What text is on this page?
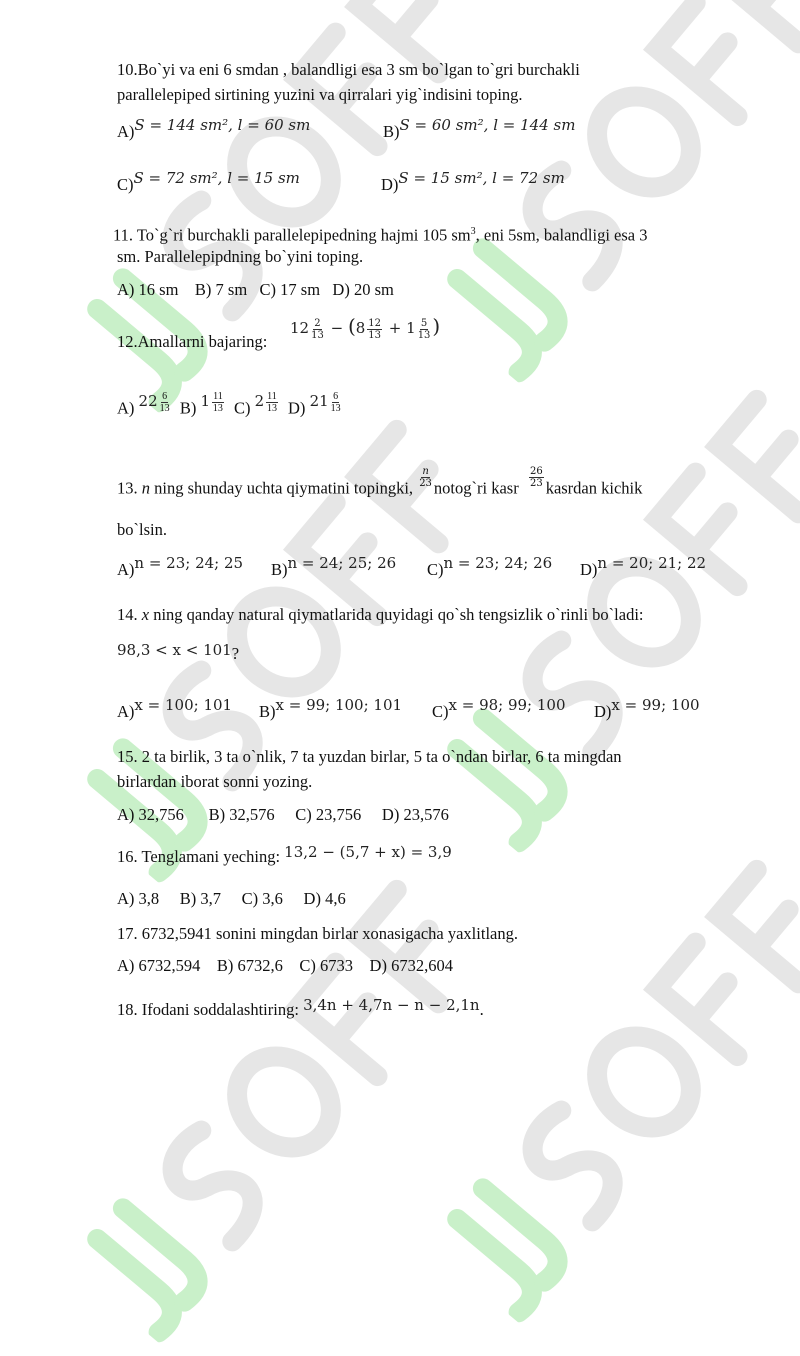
10.Bo`yi va eni 6 smdan , balandligi esa 3 sm bo`lgan to`gri burchakli
parallelepiped sirtining yuzini va qirralari yig`indisini toping.
A)S = 144 sm², l = 60 sm	B)S = 60 sm², l = 144 sm
C)S = 72 sm², l = 15 sm	D)S = 15 sm², l = 72 sm
11. To`g`ri burchakli parallelepipedning hajmi 105 $sm^3$, eni 5sm, balandligi esa 3
sm. Parallelepipdning bo`yini toping.
A) 16 sm    B) 7 sm   C) 17 sm   D) 20 sm
12.Amallarni bajaring:
$12 \frac{2}{13} - (8 \frac{12}{13} + 1 \frac{5}{13}$ )
A) $22 \frac{6}{13} B$) $1 \frac{11}{13} C$) $2 \frac{11}{13} D$) $21 \frac{6}{13}$
13. n ning shunday uchta qiymatini topingki, $\frac{n}{23}$ notog`ri kasr $\frac{26}{23}$ kasrdan kichik
bo`lsin.
A)n = 23; 24; 25	B)n = 24; 25; 26	C)n = 23; 24; 26	D)n = 20; 21; 22
14. x ning qanday natural qiymatlarida quyidagi qo`sh tengsizlik o`rinli bo`ladi:
98,3 < x < 101?
A)x = 100; 101	B)x = 99; 100; 101	C)x = 98; 99; 100	D)x = 99; 100
15. 2 ta birlik, 3 ta o`nlik, 7 ta yuzdan birlar, 5 ta o`ndan birlar, 6 ta mingdan
birlardan iborat sonni yozing.
A) 32,756      B) 32,576     C) 23,756     D) 23,576
16. Tenglamani yeching: 13,2 − (5,7 + x) = 3,9
A) 3,8     B) 3,7     C) 3,6     D) 4,6
17. 6732,5941 sonini mingdan birlar xonasigacha yaxlitlang.
A) 6732,594    B) 6732,6    C) 6733    D) 6732,604
18. Ifodani soddalashtiring: 3,4n + 4,7n − n − 2,1n.
